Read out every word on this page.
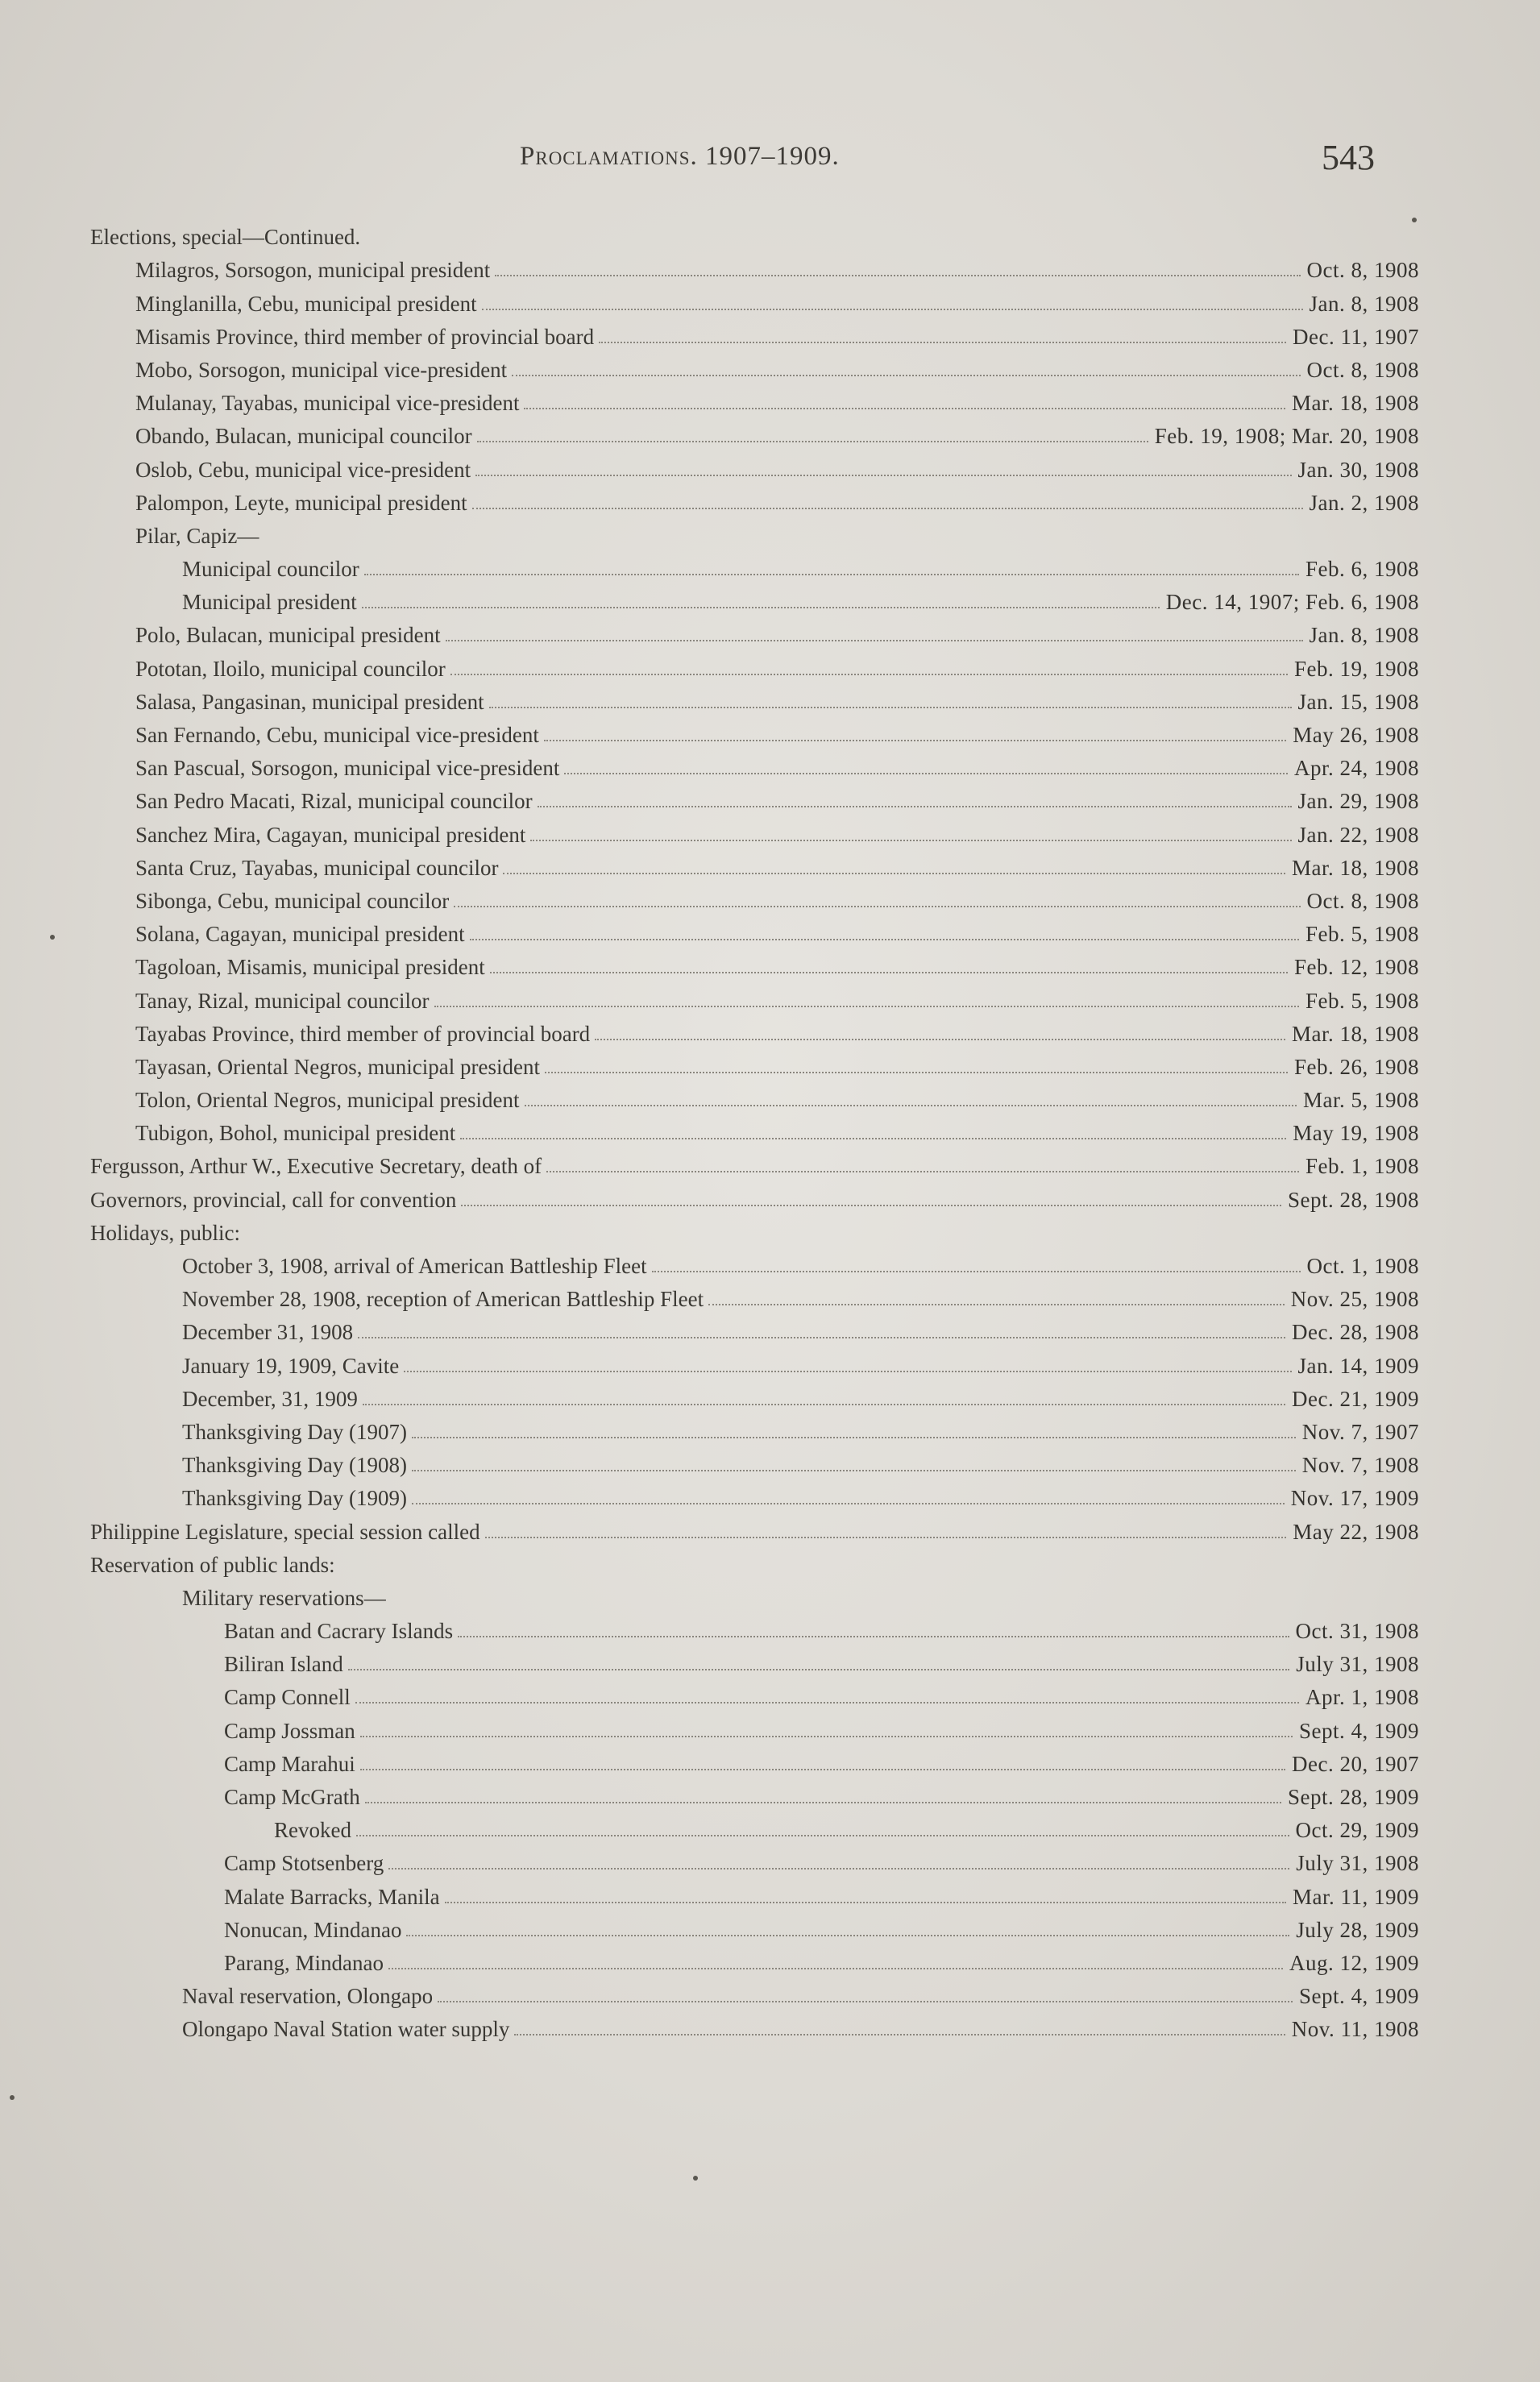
Proclamations. 1907–1909.	543
Elections, special—Continued.
Milagros, Sorsogon, municipal president	Oct. 8, 1908
Minglanilla, Cebu, municipal president	Jan. 8, 1908
Misamis Province, third member of provincial board	Dec. 11, 1907
Mobo, Sorsogon, municipal vice-president	Oct. 8, 1908
Mulanay, Tayabas, municipal vice-president	Mar. 18, 1908
Obando, Bulacan, municipal councilor	Feb. 19, 1908; Mar. 20, 1908
Oslob, Cebu, municipal vice-president	Jan. 30, 1908
Palompon, Leyte, municipal president	Jan. 2, 1908
Pilar, Capiz—
Municipal councilor	Feb. 6, 1908
Municipal president	Dec. 14, 1907; Feb. 6, 1908
Polo, Bulacan, municipal president	Jan. 8, 1908
Pototan, Iloilo, municipal councilor	Feb. 19, 1908
Salasa, Pangasinan, municipal president	Jan. 15, 1908
San Fernando, Cebu, municipal vice-president	May 26, 1908
San Pascual, Sorsogon, municipal vice-president	Apr. 24, 1908
San Pedro Macati, Rizal, municipal councilor	Jan. 29, 1908
Sanchez Mira, Cagayan, municipal president	Jan. 22, 1908
Santa Cruz, Tayabas, municipal councilor	Mar. 18, 1908
Sibonga, Cebu, municipal councilor	Oct. 8, 1908
Solana, Cagayan, municipal president	Feb. 5, 1908
Tagoloan, Misamis, municipal president	Feb. 12, 1908
Tanay, Rizal, municipal councilor	Feb. 5, 1908
Tayabas Province, third member of provincial board	Mar. 18, 1908
Tayasan, Oriental Negros, municipal president	Feb. 26, 1908
Tolon, Oriental Negros, municipal president	Mar. 5, 1908
Tubigon, Bohol, municipal president	May 19, 1908
Fergusson, Arthur W., Executive Secretary, death of	Feb. 1, 1908
Governors, provincial, call for convention	Sept. 28, 1908
Holidays, public:
October 3, 1908, arrival of American Battleship Fleet	Oct. 1, 1908
November 28, 1908, reception of American Battleship Fleet	Nov. 25, 1908
December 31, 1908	Dec. 28, 1908
January 19, 1909, Cavite	Jan. 14, 1909
December, 31, 1909	Dec. 21, 1909
Thanksgiving Day (1907)	Nov. 7, 1907
Thanksgiving Day (1908)	Nov. 7, 1908
Thanksgiving Day (1909)	Nov. 17, 1909
Philippine Legislature, special session called	May 22, 1908
Reservation of public lands:
Military reservations—
Batan and Cacrary Islands	Oct. 31, 1908
Biliran Island	July 31, 1908
Camp Connell	Apr. 1, 1908
Camp Jossman	Sept. 4, 1909
Camp Marahui	Dec. 20, 1907
Camp McGrath	Sept. 28, 1909
Revoked	Oct. 29, 1909
Camp Stotsenberg	July 31, 1908
Malate Barracks, Manila	Mar. 11, 1909
Nonucan, Mindanao	July 28, 1909
Parang, Mindanao	Aug. 12, 1909
Naval reservation, Olongapo	Sept. 4, 1909
Olongapo Naval Station water supply	Nov. 11, 1908
